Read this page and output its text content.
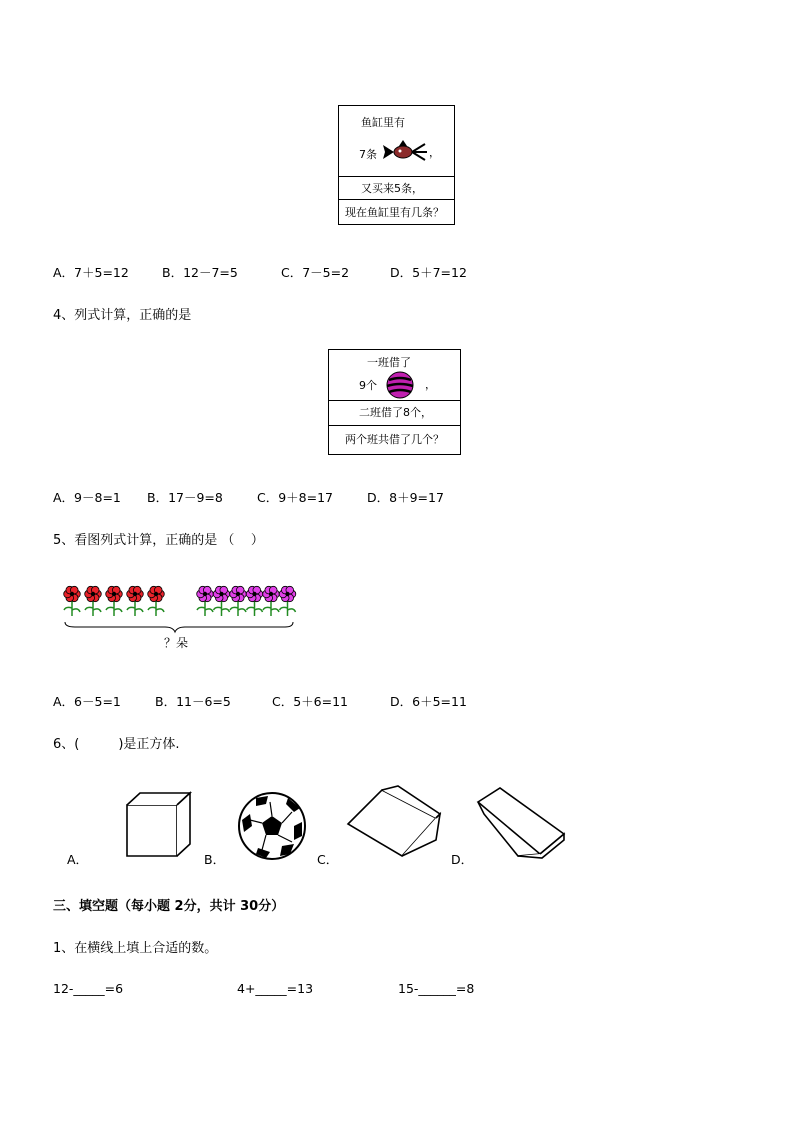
鱼缸里有
7条	，
又买来5条，
现在鱼缸里有几条？
A．7＋5=12	B．12－7=5	C．7－5=2	D．5＋7=12
4、列式计算，正确的是
一班借了
9个	，
二班借了8个，
两个班共借了几个？
A．9－8=1 B．17－9=8	C．9＋8=17	D．8＋9=17
5、看图列式计算，正确的是 （    ）
？朵
A．6－5=1	B．11－6=5	C．5＋6=11	D．6＋5=11
6、(　　　)是正方体.
A．	B．	C．	D．
三、填空题（每小题 2分，共计 30分）
1、在横线上填上合适的数。
12-_____=6	4+_____=13	15-______=8
